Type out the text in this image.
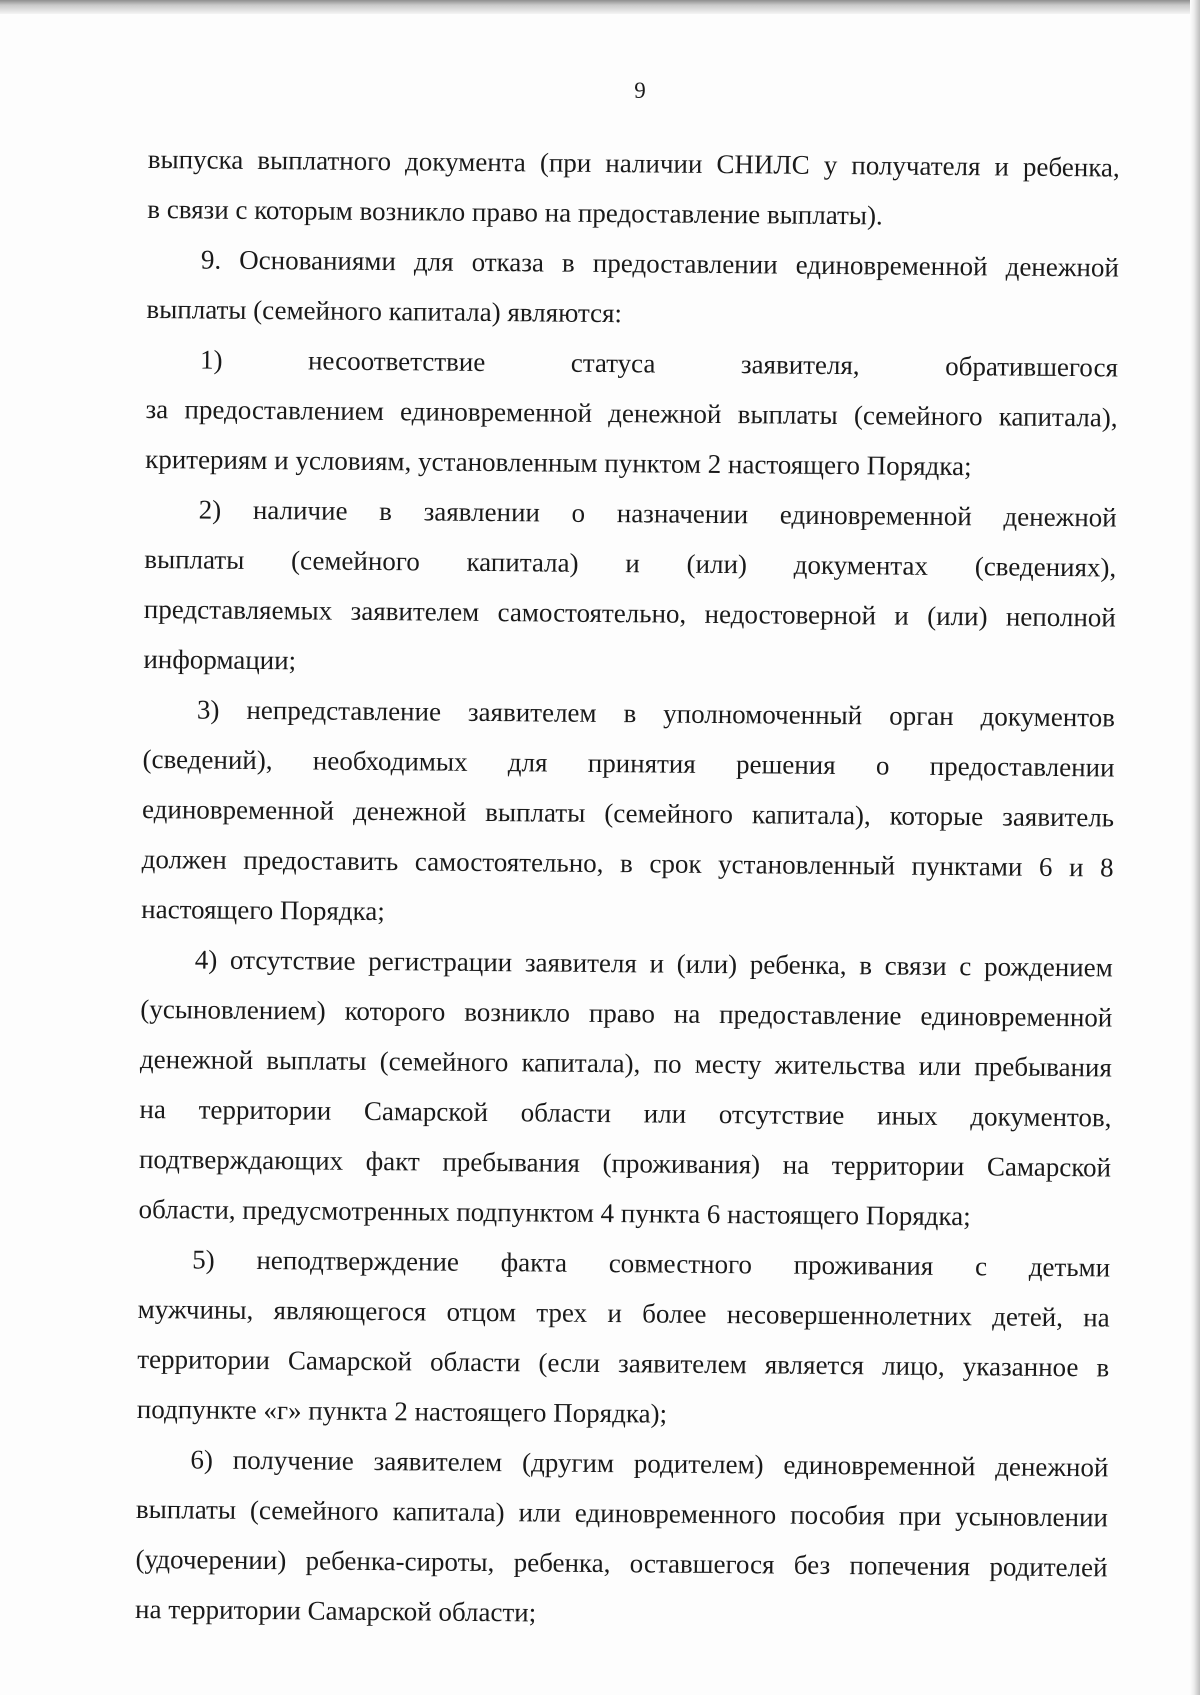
9

выпуска выплатного документа (при наличии СНИЛС у получателя и ребенка,
в связи с которым возникло право на предоставление выплаты).

9. Основаниями для отказа в предоставлении единовременной денежной
выплаты (семейного капитала) являются:

1)	несоответствие	статуса	заявителя,	обратившегося
за предоставлением единовременной денежной выплаты (семейного капитала),
критериям и условиям, установленным пунктом 2 настоящего Порядка;

2) наличие в заявлении о назначении единовременной денежной
выплаты (семейного капитала) и (или) документах (сведениях),
представляемых заявителем самостоятельно, недостоверной и (или) неполной
информации;

3) непредставление заявителем в уполномоченный орган документов
(сведений), необходимых для принятия решения о предоставлении
единовременной денежной выплаты (семейного капитала), которые заявитель
должен предоставить самостоятельно, в срок установленный пунктами 6 и 8
настоящего Порядка;

4) отсутствие регистрации заявителя и (или) ребенка, в связи с рождением
(усыновлением) которого возникло право на предоставление единовременной
денежной выплаты (семейного капитала), по месту жительства или пребывания
на территории Самарской области или отсутствие иных документов,
подтверждающих факт пребывания (проживания) на территории Самарской
области, предусмотренных подпунктом 4 пункта 6 настоящего Порядка;

5) неподтверждение факта совместного проживания с детьми
мужчины, являющегося отцом трех и более несовершеннолетних детей, на
территории Самарской области (если заявителем является лицо, указанное в
подпункте «г» пункта 2 настоящего Порядка);

6) получение заявителем (другим родителем) единовременной денежной
выплаты (семейного капитала) или единовременного пособия при усыновлении
(удочерении) ребенка-сироты, ребенка, оставшегося без попечения родителей
на территории Самарской области;
